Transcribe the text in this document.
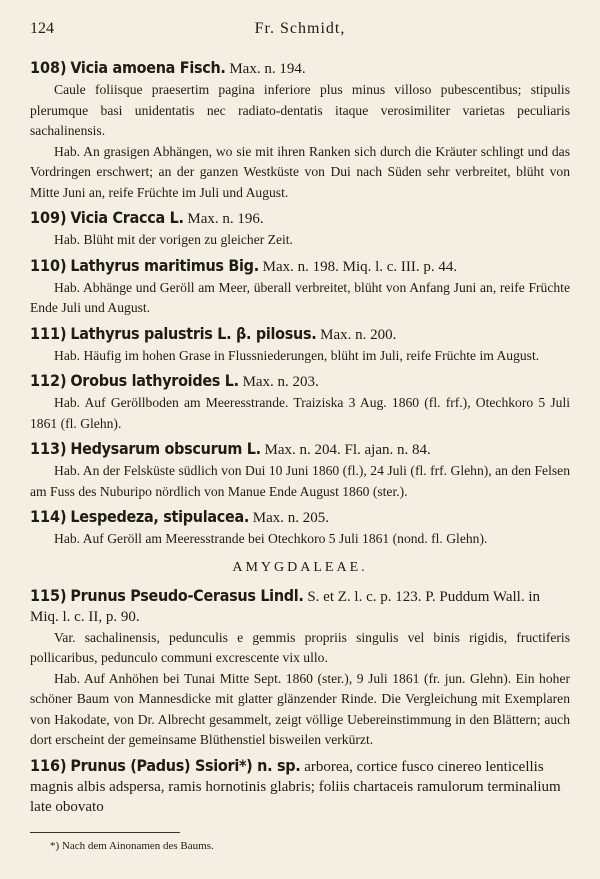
124	Fr. Schmidt,
108) Vicia amoena Fisch. Max. n. 194.
Caule foliisque praesertim pagina inferiore plus minus villoso pubescentibus; stipulis plerumque basi unidentatis nec radiato-dentatis itaque verosimiliter varietas peculiaris sachalinensis.
Hab. An grasigen Abhängen, wo sie mit ihren Ranken sich durch die Kräuter schlingt und das Vordringen erschwert; an der ganzen Westküste von Dui nach Süden sehr verbreitet, blüht von Mitte Juni an, reife Früchte im Juli und August.
109) Vicia Cracca L. Max. n. 196.
Hab. Blüht mit der vorigen zu gleicher Zeit.
110) Lathyrus maritimus Big. Max. n. 198. Miq. l. c. III. p. 44.
Hab. Abhänge und Geröll am Meer, überall verbreitet, blüht von Anfang Juni an, reife Früchte Ende Juli und August.
111) Lathyrus palustris L. β. pilosus. Max. n. 200.
Hab. Häufig im hohen Grase in Flussniederungen, blüht im Juli, reife Früchte im August.
112) Orobus lathyroides L. Max. n. 203.
Hab. Auf Geröllboden am Meeresstrande. Traiziska 3 Aug. 1860 (fl. frf.), Otechkoro 5 Juli 1861 (fl. Glehn).
113) Hedysarum obscurum L. Max. n. 204. Fl. ajan. n. 84.
Hab. An der Felsküste südlich von Dui 10 Juni 1860 (fl.), 24 Juli (fl. frf. Glehn), an den Felsen am Fuss des Nuburipo nördlich von Manue Ende August 1860 (ster.).
114) Lespedeza, stipulacea. Max. n. 205.
Hab. Auf Geröll am Meeresstrande bei Otechkoro 5 Juli 1861 (nond. fl. Glehn).
AMYGDALEAE.
115) Prunus Pseudo-Cerasus Lindl. S. et Z. l. c. p. 123. P. Puddum Wall. in Miq. l. c. II, p. 90.
Var. sachalinensis, pedunculis e gemmis propriis singulis vel binis rigidis, fructiferis pollicaribus, pedunculo communi excrescente vix ullo.
Hab. Auf Anhöhen bei Tunai Mitte Sept. 1860 (ster.), 9 Juli 1861 (fr. jun. Glehn). Ein hoher schöner Baum von Mannesdicke mit glatter glänzender Rinde. Die Vergleichung mit Exemplaren von Hakodate, von Dr. Albrecht gesammelt, zeigt völlige Uebereinstimmung in den Blättern; auch dort erscheint der gemeinsame Blüthenstiel bisweilen verkürzt.
116) Prunus (Padus) Ssiori*) n. sp. arborea, cortice fusco cinereo lenticellis magnis albis adspersa, ramis hornotinis glabris; foliis chartaceis ramulorum terminalium late obovato
*) Nach dem Ainonamen des Baums.
